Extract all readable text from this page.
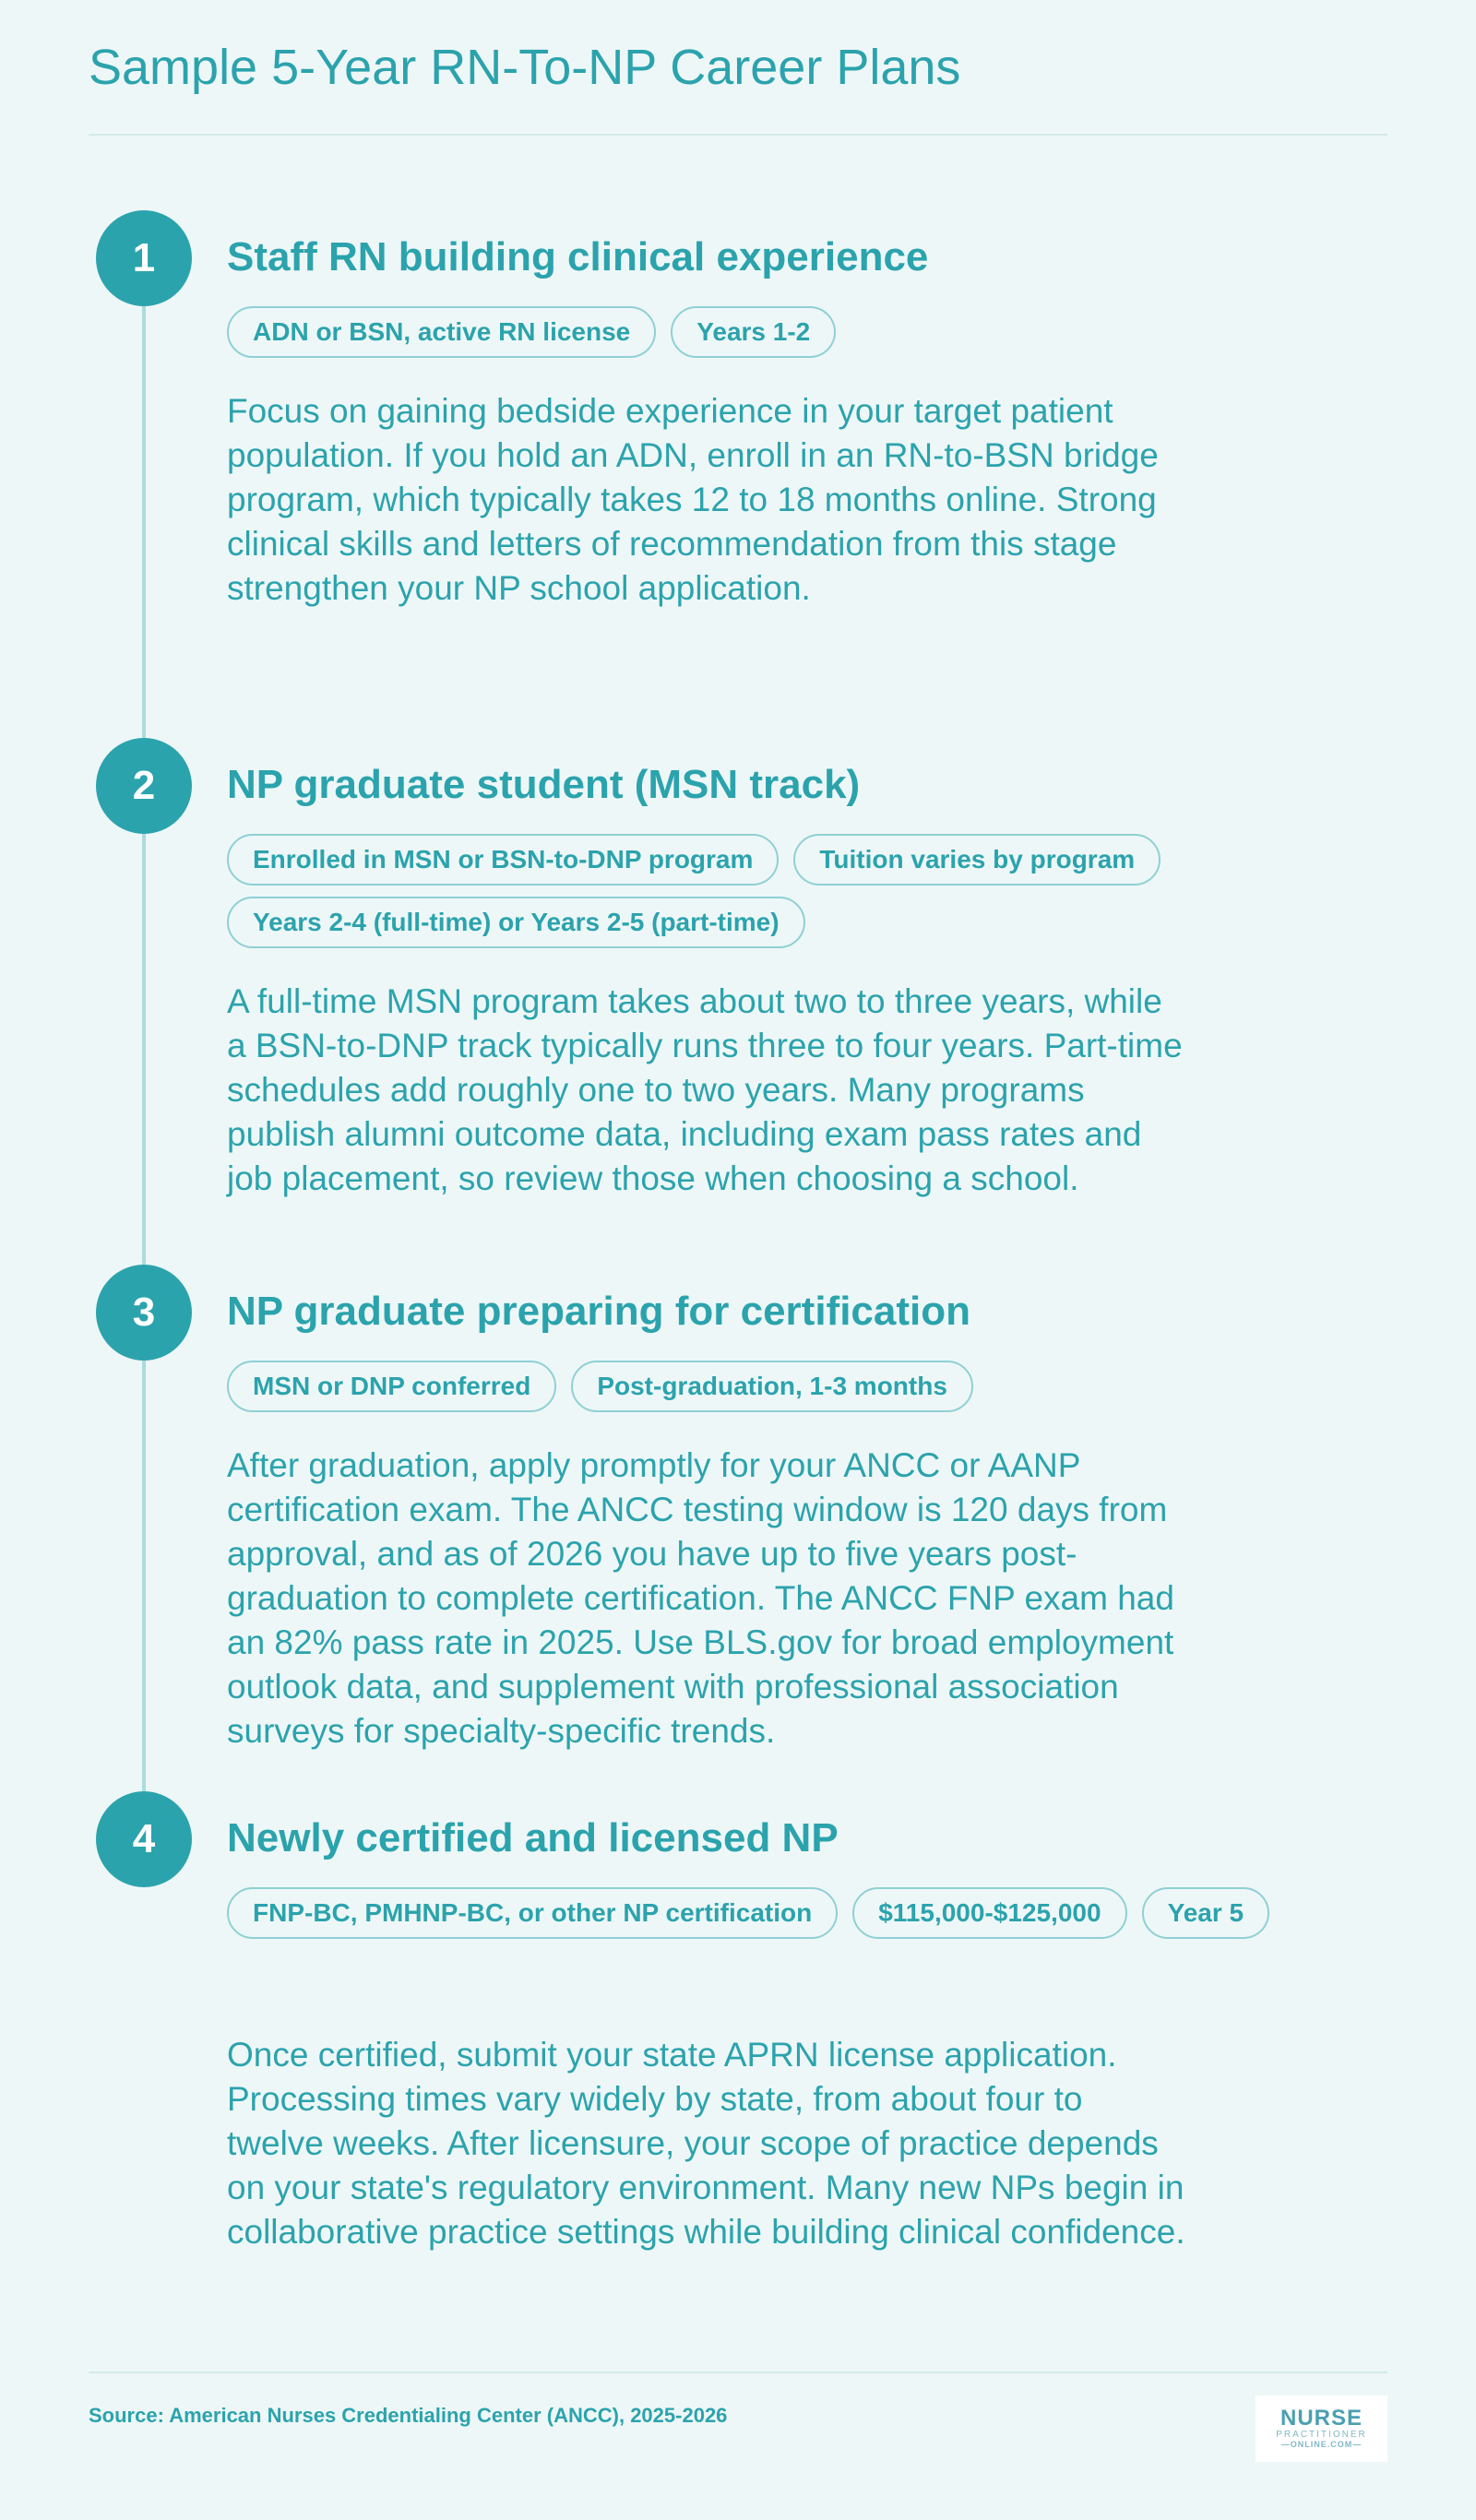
Sample 5-Year RN-To-NP Career Plans
1	Staff RN building clinical experience
ADN or BSN, active RN license	Years 1-2

Focus on gaining bedside experience in your target patient population. If you hold an ADN, enroll in an RN-to-BSN bridge program, which typically takes 12 to 18 months online. Strong clinical skills and letters of recommendation from this stage strengthen your NP school application.

2	NP graduate student (MSN track)
Enrolled in MSN or BSN-to-DNP program	Tuition varies by program
Years 2-4 (full-time) or Years 2-5 (part-time)

A full-time MSN program takes about two to three years, while a BSN-to-DNP track typically runs three to four years. Part-time schedules add roughly one to two years. Many programs publish alumni outcome data, including exam pass rates and job placement, so review those when choosing a school.

3	NP graduate preparing for certification
MSN or DNP conferred	Post-graduation, 1-3 months

After graduation, apply promptly for your ANCC or AANP certification exam. The ANCC testing window is 120 days from approval, and as of 2026 you have up to five years post-graduation to complete certification. The ANCC FNP exam had an 82% pass rate in 2025. Use BLS.gov for broad employment outlook data, and supplement with professional association surveys for specialty-specific trends.

4	Newly certified and licensed NP
FNP-BC, PMHNP-BC, or other NP certification	$115,000-$125,000	Year 5

Once certified, submit your state APRN license application. Processing times vary widely by state, from about four to twelve weeks. After licensure, your scope of practice depends on your state's regulatory environment. Many new NPs begin in collaborative practice settings while building clinical confidence.

Source: American Nurses Credentialing Center (ANCC), 2025-2026	NURSE
PRACTITIONER
—ONLINE.COM—
